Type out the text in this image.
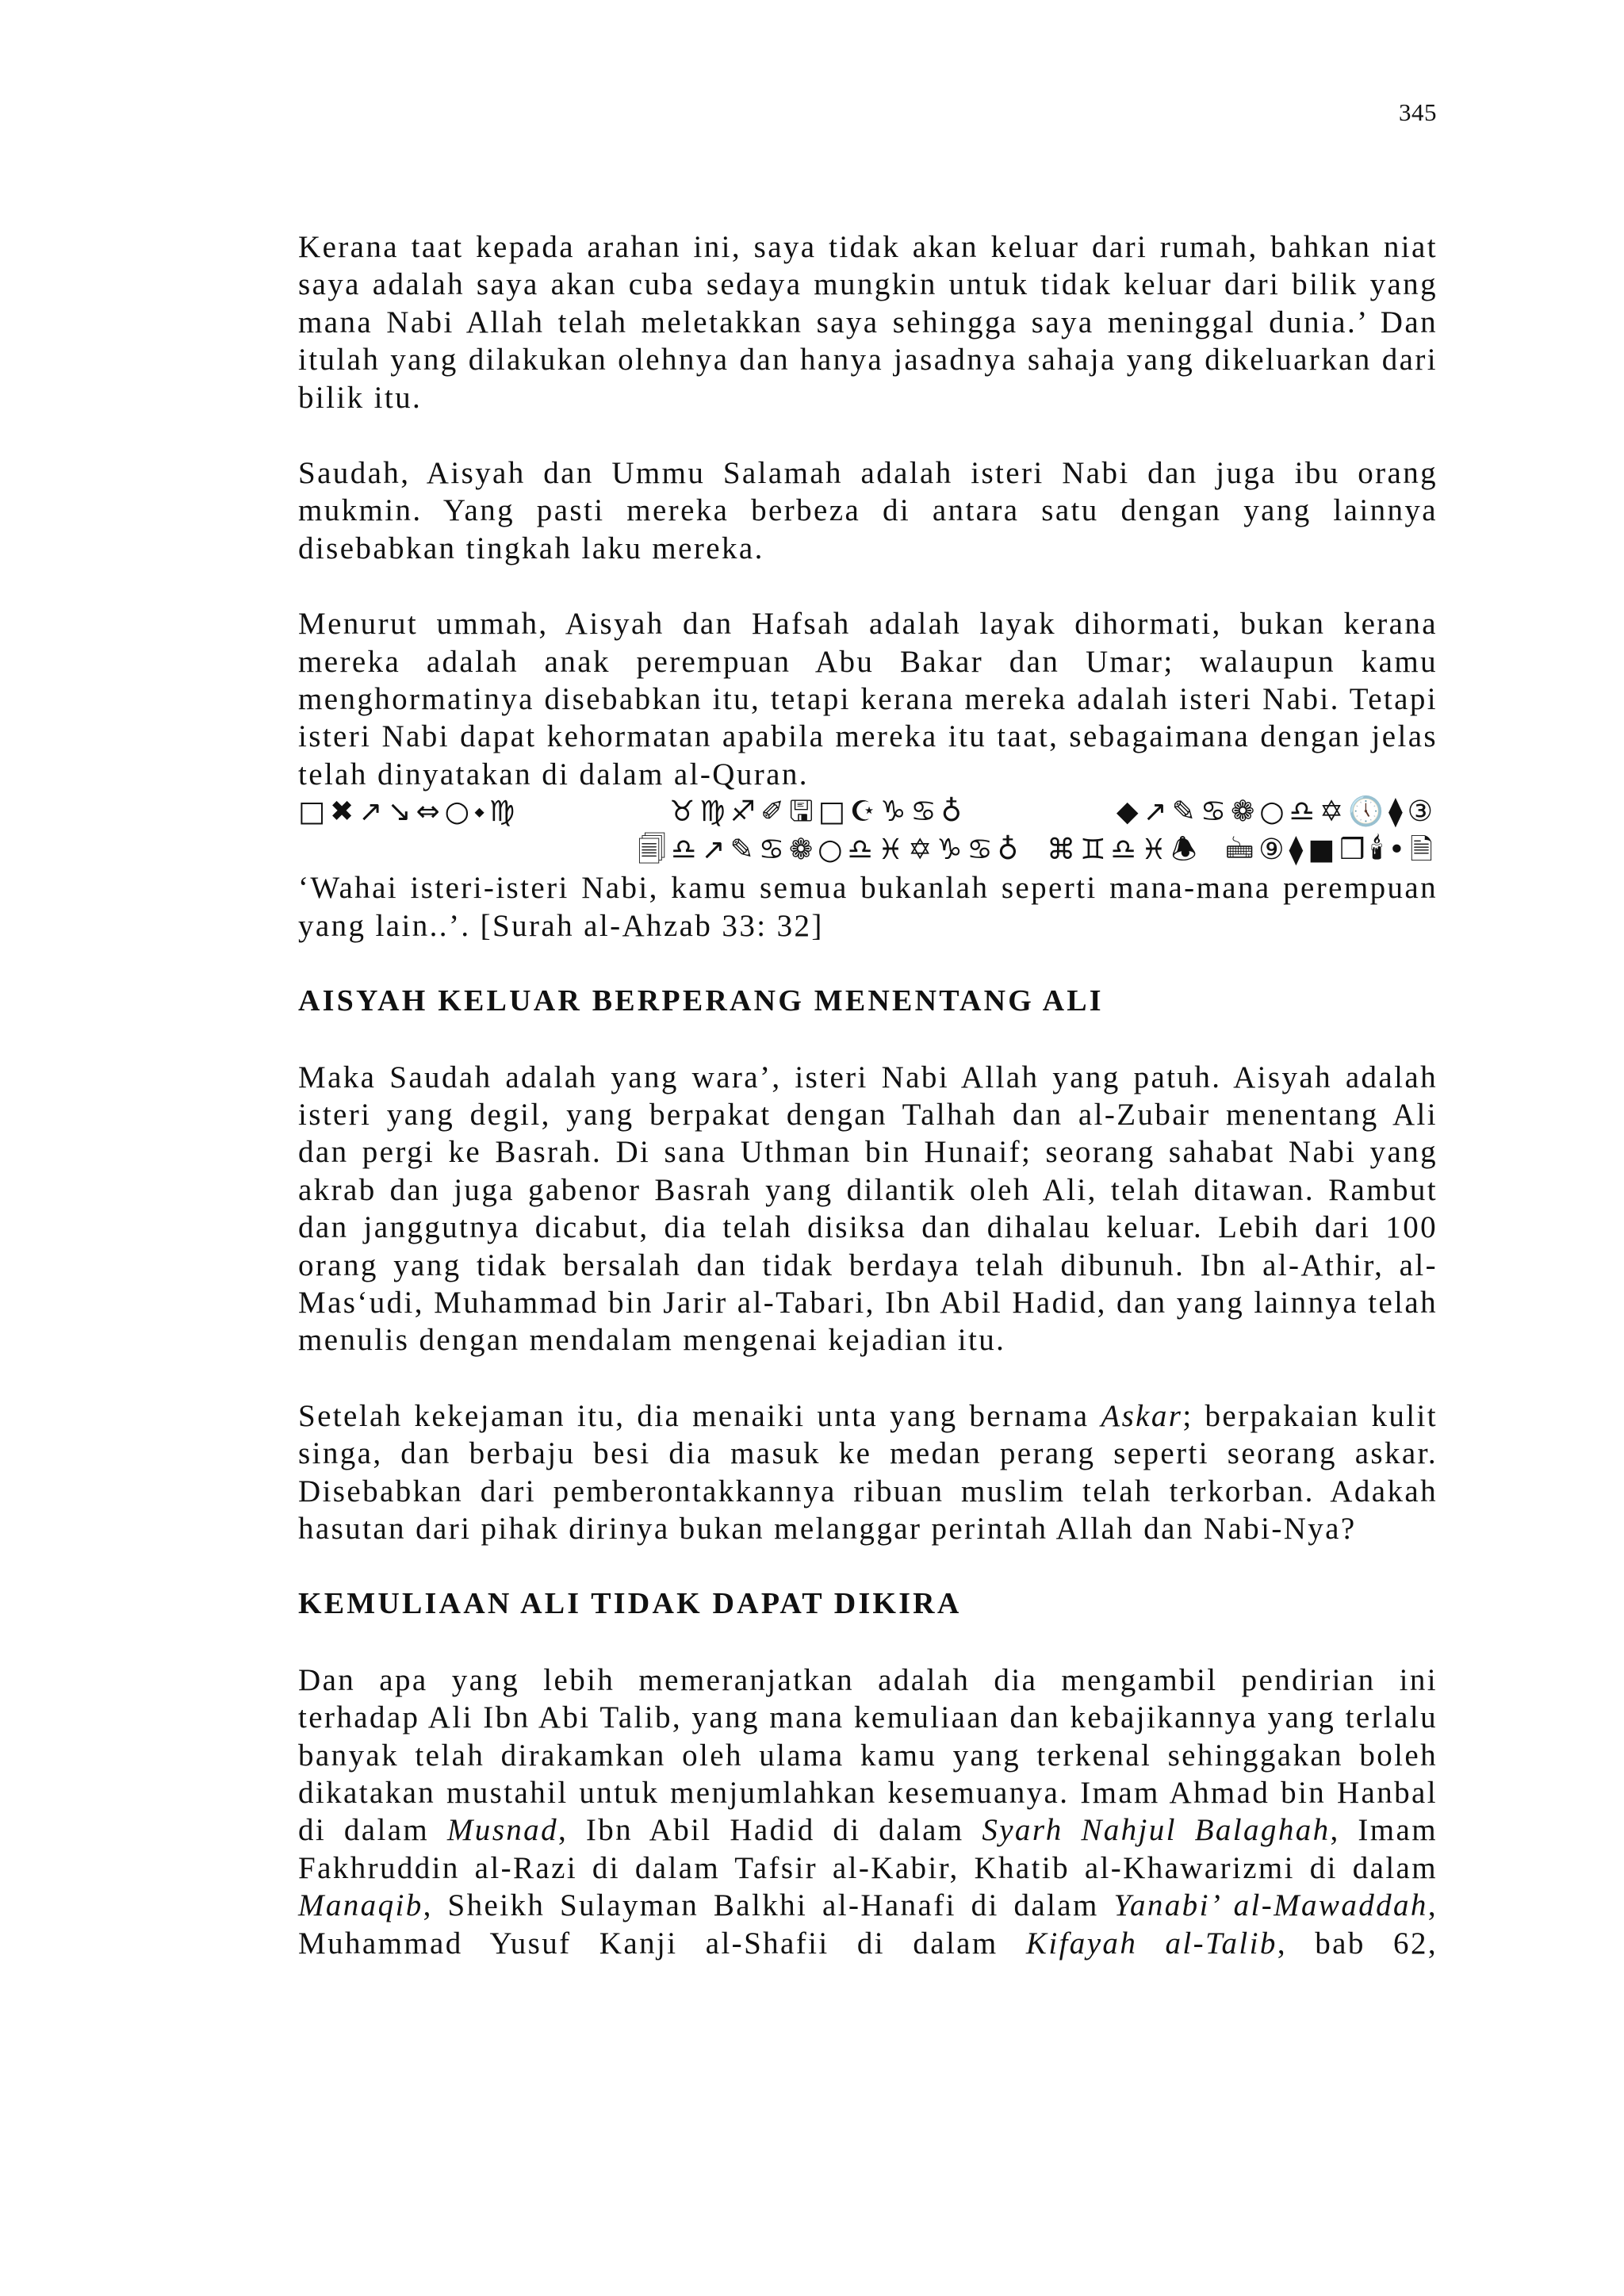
345

Kerana taat kepada arahan ini, saya tidak akan keluar dari rumah, bahkan niat saya adalah saya akan cuba sedaya mungkin untuk tidak keluar dari bilik yang mana Nabi Allah telah meletakkan saya sehingga saya meninggal dunia.’ Dan itulah yang dilakukan olehnya dan hanya jasadnya sahaja yang dikeluarkan dari bilik itu.

Saudah, Aisyah dan Ummu Salamah adalah isteri Nabi dan juga ibu orang mukmin. Yang pasti mereka berbeza di antara satu dengan yang lainnya disebabkan tingkah laku mereka.

Menurut ummah, Aisyah dan Hafsah adalah layak dihormati, bukan kerana mereka adalah anak perempuan Abu Bakar dan Umar; walaupun kamu menghormatinya disebabkan itu, tetapi kerana mereka adalah isteri Nabi. Tetapi isteri Nabi dapat kehormatan apabila mereka itu taat, sebagaimana dengan jelas telah dinyatakan di dalam al-Quran.

□✖↗↘⇔○⬩♍	♉♍♐✐🖫□☪♑♋♁	◆↗✎♋❁○♎✡🕔⧫③
🗐♎↗✎♋❁○♎♓✡♑♋♁ ⌘♊♎♓🕭 🖮⑨⧫■❒🕯•🗎

‘Wahai isteri-isteri Nabi, kamu semua bukanlah seperti mana-mana perempuan yang lain..’. [Surah al-Ahzab 33: 32]

AISYAH KELUAR BERPERANG MENENTANG ALI

Maka Saudah adalah yang wara’, isteri Nabi Allah yang patuh. Aisyah adalah isteri yang degil, yang berpakat dengan Talhah dan al-Zubair menentang Ali dan pergi ke Basrah. Di sana Uthman bin Hunaif; seorang sahabat Nabi yang akrab dan juga gabenor Basrah yang dilantik oleh Ali, telah ditawan. Rambut dan janggutnya dicabut, dia telah disiksa dan dihalau keluar. Lebih dari 100 orang yang tidak bersalah dan tidak berdaya telah dibunuh. Ibn al-Athir, al-Mas‘udi, Muhammad bin Jarir al-Tabari, Ibn Abil Hadid, dan yang lainnya telah menulis dengan mendalam mengenai kejadian itu.

Setelah kekejaman itu, dia menaiki unta yang bernama Askar; berpakaian kulit singa, dan berbaju besi dia masuk ke medan perang seperti seorang askar. Disebabkan dari pemberontakkannya ribuan muslim telah terkorban. Adakah hasutan dari pihak dirinya bukan melanggar perintah Allah dan Nabi-Nya?

KEMULIAAN ALI TIDAK DAPAT DIKIRA

Dan apa yang lebih memeranjatkan adalah dia mengambil pendirian ini terhadap Ali Ibn Abi Talib, yang mana kemuliaan dan kebajikannya yang terlalu banyak telah dirakamkan oleh ulama kamu yang terkenal sehinggakan boleh dikatakan mustahil untuk menjumlahkan kesemuanya. Imam Ahmad bin Hanbal di dalam Musnad, Ibn Abil Hadid di dalam Syarh Nahjul Balaghah, Imam Fakhruddin al-Razi di dalam Tafsir al-Kabir, Khatib al-Khawarizmi di dalam Manaqib, Sheikh Sulayman Balkhi al-Hanafi di dalam Yanabi’ al-Mawaddah, Muhammad Yusuf Kanji al-Shafii di dalam Kifayah al-Talib, bab 62,
